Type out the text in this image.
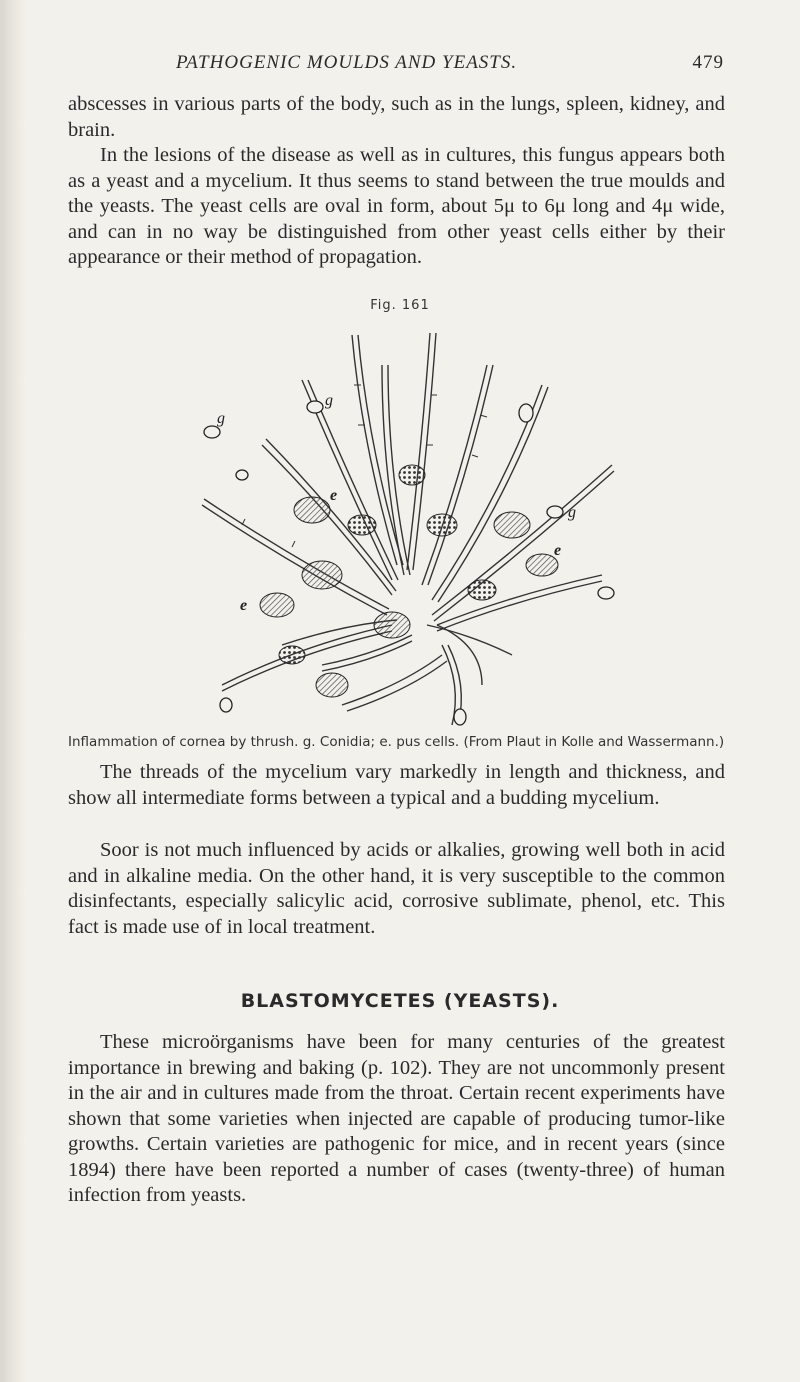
PATHOGENIC MOULDS AND YEASTS.	479

abscesses in various parts of the body, such as in the lungs, spleen, kidney, and brain.

In the lesions of the disease as well as in cultures, this fungus appears both as a yeast and a mycelium. It thus seems to stand between the true moulds and the yeasts. The yeast cells are oval in form, about 5μ to 6μ long and 4μ wide, and can in no way be distinguished from other yeast cells either by their appearance or their method of propagation.

Fig. 161
g
g
g
e
e
e
Inflammation of cornea by thrush. g. Conidia; e. pus cells. (From Plaut in Kolle and Wassermann.)

The threads of the mycelium vary markedly in length and thickness, and show all intermediate forms between a typical and a budding mycelium.

Soor is not much influenced by acids or alkalies, growing well both in acid and in alkaline media. On the other hand, it is very susceptible to the common disinfectants, especially salicylic acid, corrosive sublimate, phenol, etc. This fact is made use of in local treatment.

BLASTOMYCETES (YEASTS).

These microörganisms have been for many centuries of the greatest importance in brewing and baking (p. 102). They are not uncommonly present in the air and in cultures made from the throat. Certain recent experiments have shown that some varieties when injected are capable of producing tumor-like growths. Certain varieties are pathogenic for mice, and in recent years (since 1894) there have been reported a number of cases (twenty-three) of human infection from yeasts.
